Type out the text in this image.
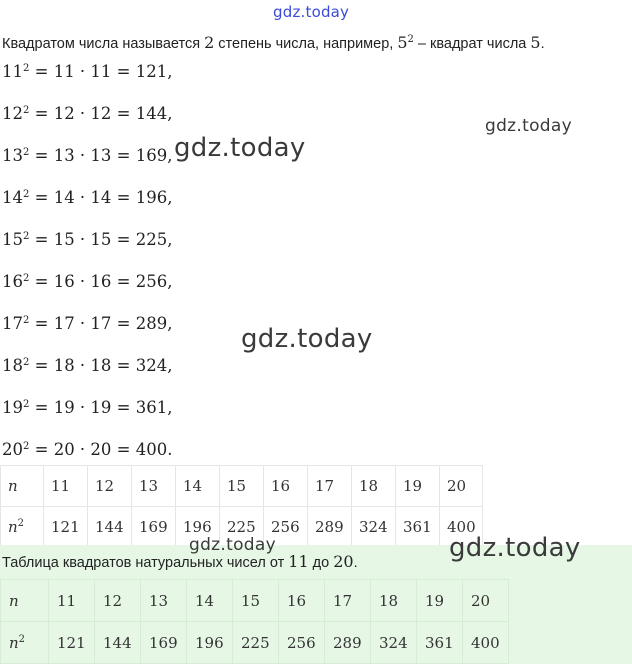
gdz.today
Квадратом числа называется 2 степень числа, например, $5^2$ – квадрат числа 5.
$11^2 = 11 \cdot 11 = 121$,
$12^2 = 12 \cdot 12 = 144$,
$13^2 = 13 \cdot 13 = 169$,
$14^2 = 14 \cdot 14 = 196$,
$15^2 = 15 \cdot 15 = 225$,
$16^2 = 16 \cdot 16 = 256$,
$17^2 = 17 \cdot 17 = 289$,
$18^2 = 18 \cdot 18 = 324$,
$19^2 = 19 \cdot 19 = 361$,
$20^2 = 20 \cdot 20 = 400$.
gdz.today
gdz.today
gdz.today
n	11	12	13	14	15	16	17	18	19	20
$n^2$	121	144	169	196	225	256	289	324	361	400
Таблица квадратов натуральных чисел от 11 до 20.
gdz.today	gdz.today
n	11	12	13	14	15	16	17	18	19	20
$n^2$	121	144	169	196	225	256	289	324	361	400
